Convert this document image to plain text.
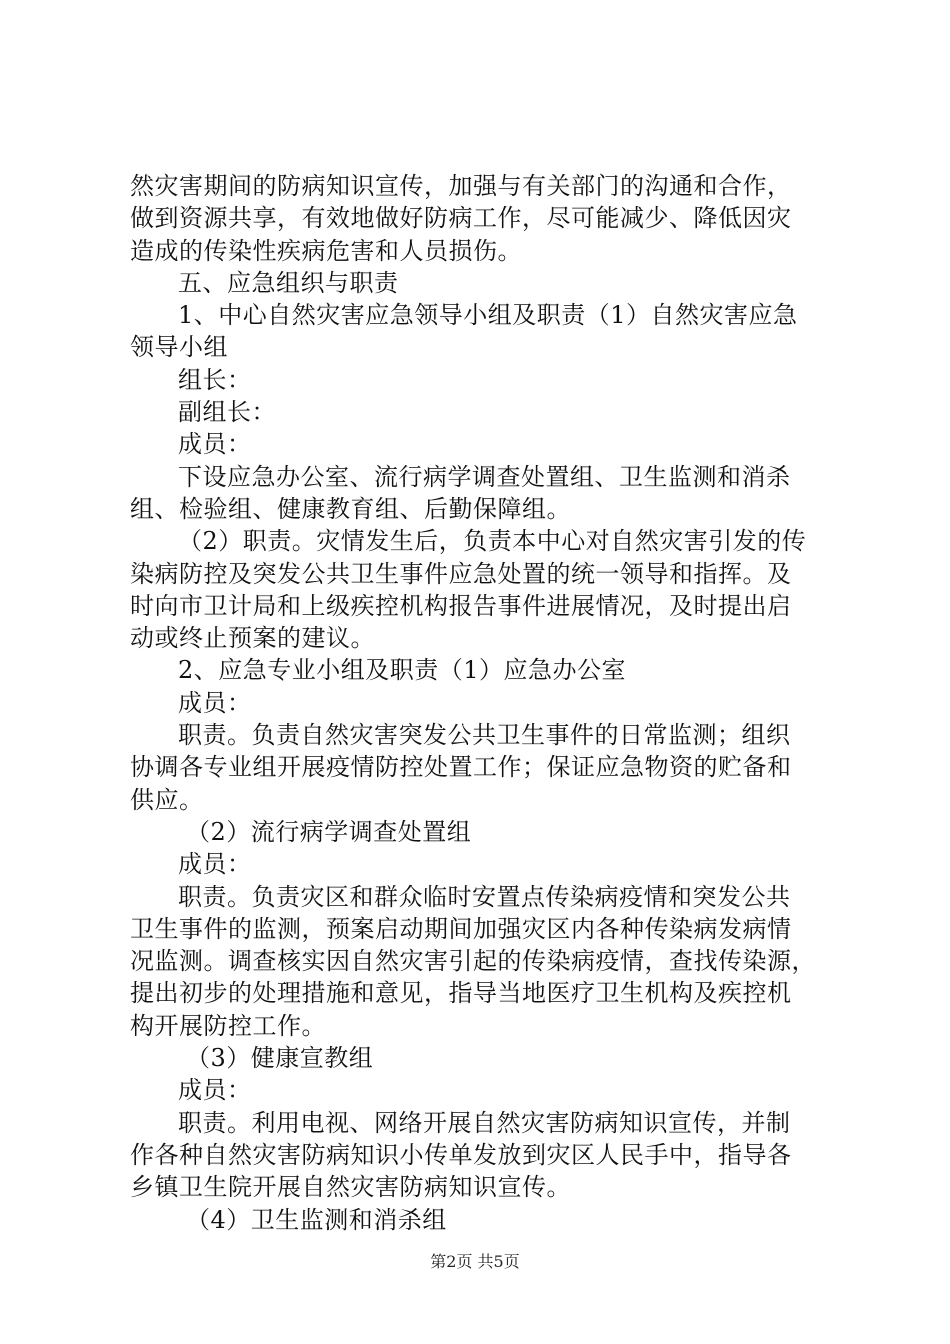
然灾害期间的防病知识宣传，加强与有关部门的沟通和合作，
做到资源共享，有效地做好防病工作，尽可能减少、降低因灾
造成的传染性疾病危害和人员损伤。
五、应急组织与职责
1、中心自然灾害应急领导小组及职责（1）自然灾害应急
领导小组
组长：
副组长：
成员：
下设应急办公室、流行病学调查处置组、卫生监测和消杀
组、检验组、健康教育组、后勤保障组。
（2）职责。灾情发生后，负责本中心对自然灾害引发的传
染病防控及突发公共卫生事件应急处置的统一领导和指挥。及
时向市卫计局和上级疾控机构报告事件进展情况，及时提出启
动或终止预案的建议。
2、应急专业小组及职责（1）应急办公室
成员：
职责。负责自然灾害突发公共卫生事件的日常监测；组织
协调各专业组开展疫情防控处置工作；保证应急物资的贮备和
供应。
（2）流行病学调查处置组
成员：
职责。负责灾区和群众临时安置点传染病疫情和突发公共
卫生事件的监测，预案启动期间加强灾区内各种传染病发病情
况监测。调查核实因自然灾害引起的传染病疫情，查找传染源，
提出初步的处理措施和意见，指导当地医疗卫生机构及疾控机
构开展防控工作。
（3）健康宣教组
成员：
职责。利用电视、网络开展自然灾害防病知识宣传，并制
作各种自然灾害防病知识小传单发放到灾区人民手中，指导各
乡镇卫生院开展自然灾害防病知识宣传。
（4）卫生监测和消杀组
第2页 共5页
